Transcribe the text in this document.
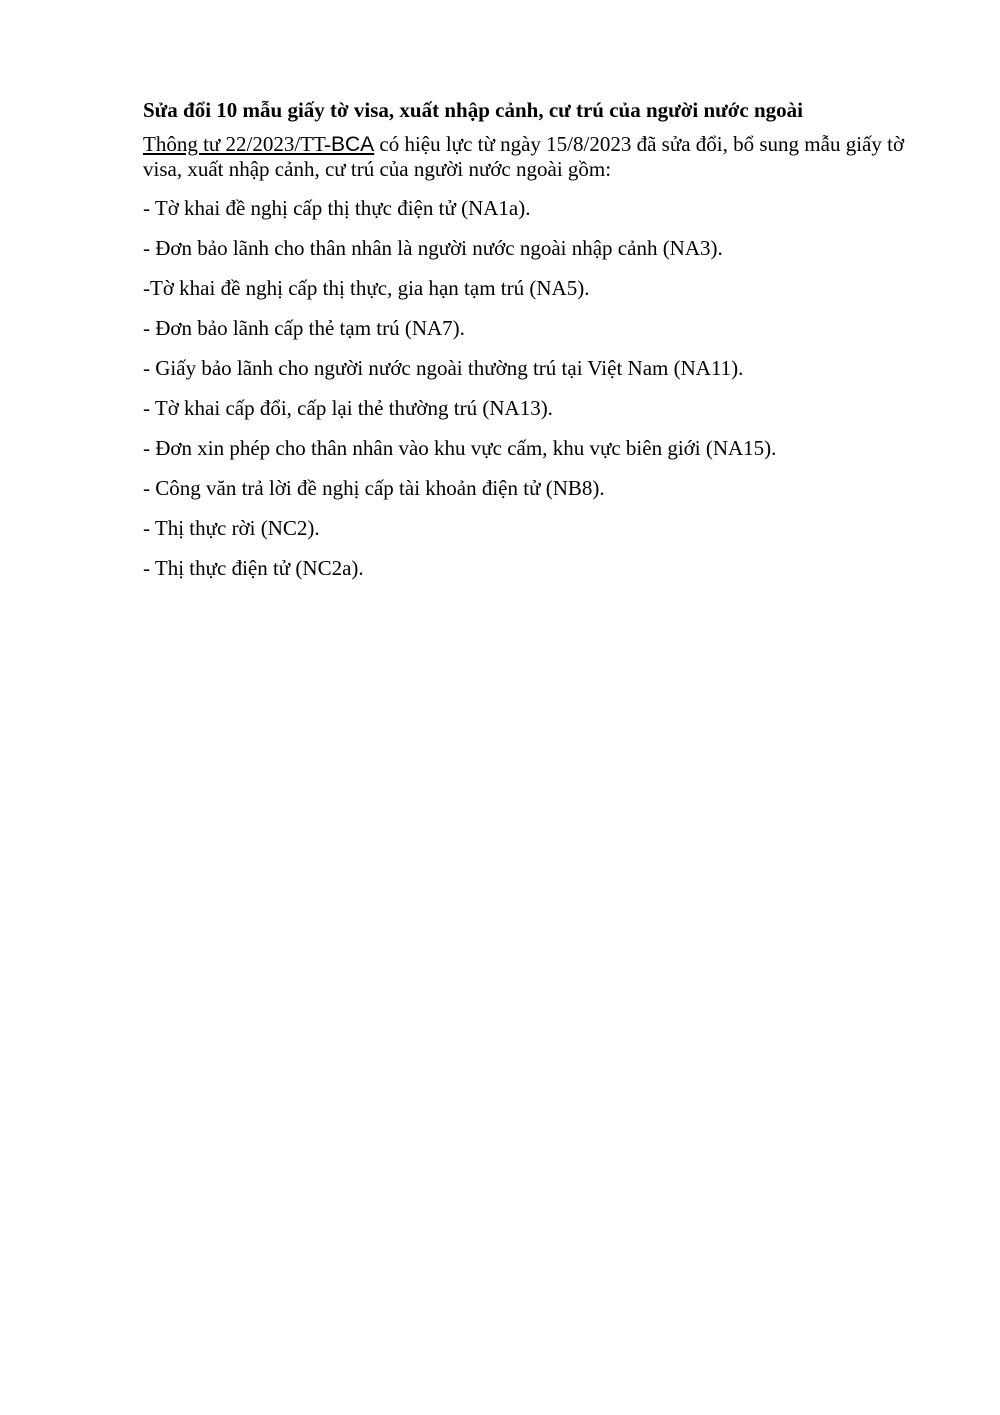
Sửa đổi 10 mẫu giấy tờ visa, xuất nhập cảnh, cư trú của người nước ngoài

Thông tư 22/2023/TT-BCA có hiệu lực từ ngày 15/8/2023 đã sửa đổi, bổ sung mẫu giấy tờ visa, xuất nhập cảnh, cư trú của người nước ngoài gồm:

- Tờ khai đề nghị cấp thị thực điện tử (NA1a).
- Đơn bảo lãnh cho thân nhân là người nước ngoài nhập cảnh (NA3).
-Tờ khai đề nghị cấp thị thực, gia hạn tạm trú (NA5).
- Đơn bảo lãnh cấp thẻ tạm trú (NA7).
- Giấy bảo lãnh cho người nước ngoài thường trú tại Việt Nam (NA11).
- Tờ khai cấp đổi, cấp lại thẻ thường trú (NA13).
- Đơn xin phép cho thân nhân vào khu vực cấm, khu vực biên giới (NA15).
- Công văn trả lời đề nghị cấp tài khoản điện tử (NB8).
- Thị thực rời (NC2).
- Thị thực điện tử (NC2a).
